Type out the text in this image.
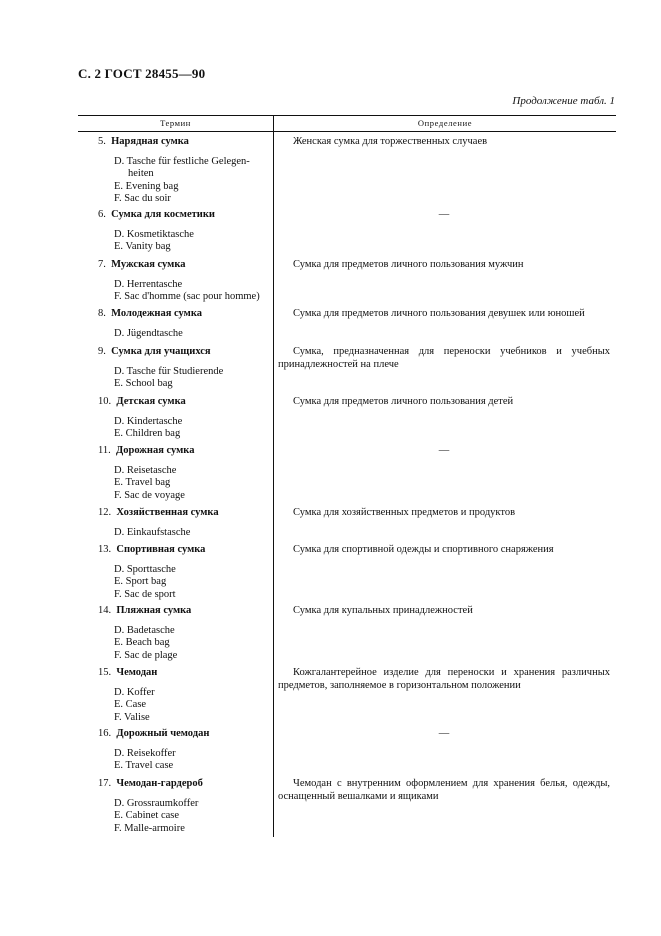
С. 2 ГОСТ 28455—90
Продолжение табл. 1
Термин	Определение
5. Нарядная сумка
D. Tasche für festliche Gelegen-
heiten
E. Evening bag
F. Sac du soir
Женская сумка для торжественных случаев
6. Сумка для косметики
D. Kosmetiktasche
E. Vanity bag
—
7. Мужская сумка
D. Herrentasche
F. Sac d'homme (sac pour homme)
Сумка для предметов личного пользования мужчин
8. Молодежная сумка
D. Jügendtasche
Сумка для предметов личного пользования девушек или юношей
9. Сумка для учащихся
D. Tasche für Studierende
E. School bag
Сумка, предназначенная для переноски учебников и учебных принадлежностей на плече
10. Детская сумка
D. Kindertasche
E. Children bag
Сумка для предметов личного пользования детей
11. Дорожная сумка
D. Reisetasche
E. Travel bag
F. Sac de voyage
—
12. Хозяйственная сумка
D. Einkaufstasche
Сумка для хозяйственных предметов и продуктов
13. Спортивная сумка
D. Sporttasche
E. Sport bag
F. Sac de sport
Сумка для спортивной одежды и спортивного снаряжения
14. Пляжная сумка
D. Badetasche
E. Beach bag
F. Sac de plage
Сумка для купальных принадлежностей
15. Чемодан
D. Koffer
E. Case
F. Valise
Кожгалантерейное изделие для переноски и хранения различных предметов, заполняемое в горизонтальном положении
16. Дорожный чемодан
D. Reisekoffer
E. Travel case
—
17. Чемодан-гардероб
D. Grossraumkoffer
E. Cabinet case
F. Malle-armoire
Чемодан с внутренним оформлением для хранения белья, одежды, оснащенный вешалками и ящиками
